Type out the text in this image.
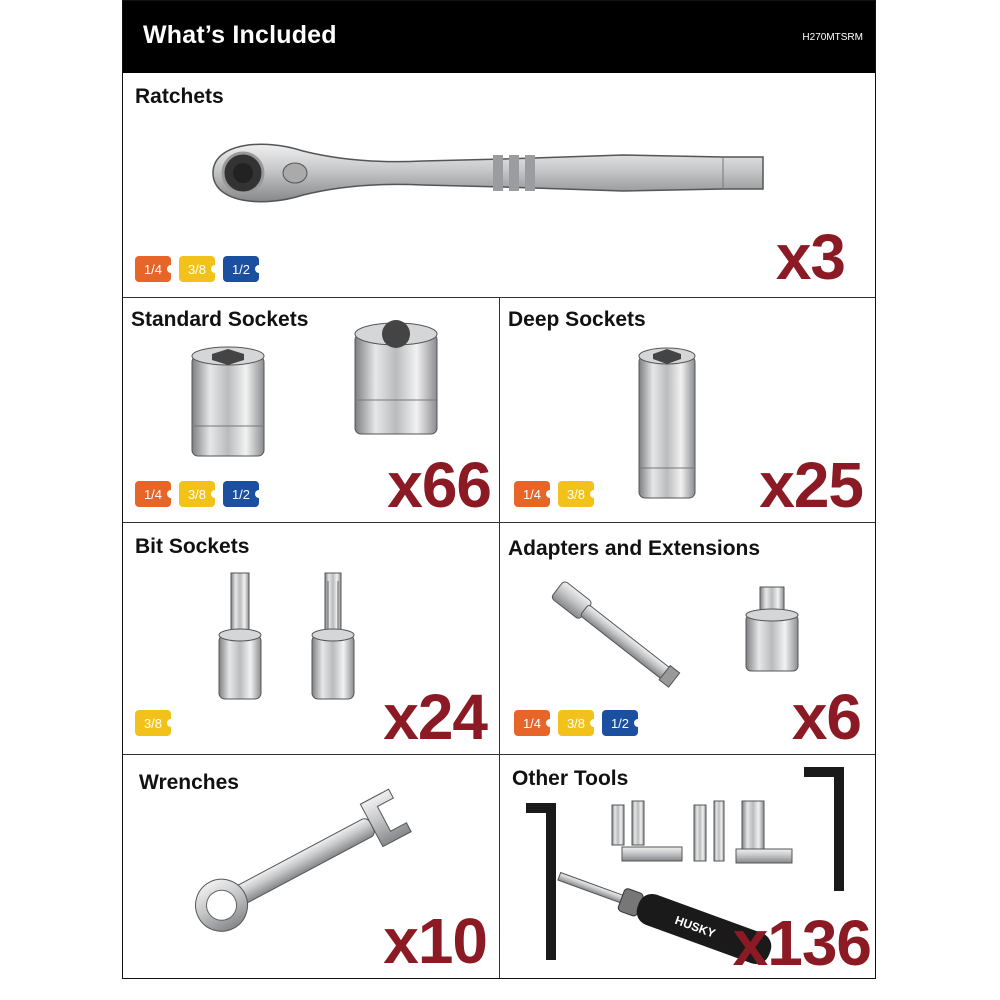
What’s Included	H270MTSRM
Ratchets
1/4	3/8	1/2	x3
Standard Sockets
1/4	3/8	1/2 x66
Deep Sockets
1/4	3/8	x25
Bit Sockets
3/8	x24
Adapters and Extensions
1/4	3/8	1/2	x6
Wrenches
x10
Other Tools
HUSKY x136
